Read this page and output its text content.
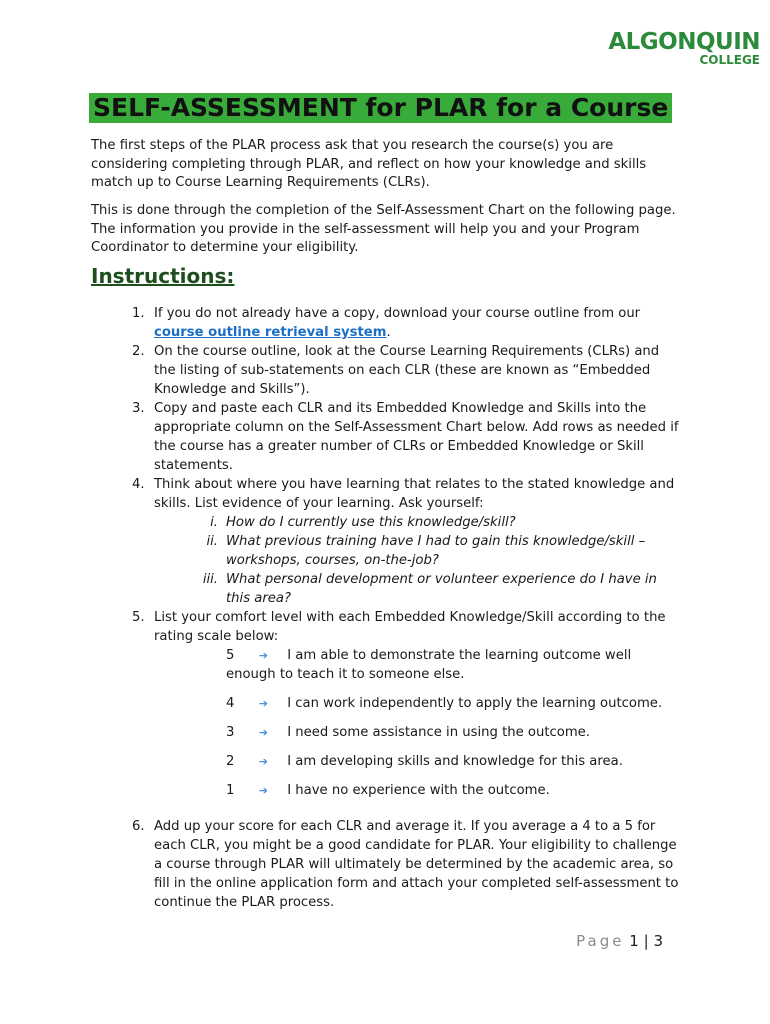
ALGONQUIN
COLLEGE
SELF-ASSESSMENT for PLAR for a Course
The first steps of the PLAR process ask that you research the course(s) you are considering completing through PLAR, and reflect on how your knowledge and skills match up to Course Learning Requirements (CLRs).
This is done through the completion of the Self-Assessment Chart on the following page. The information you provide in the self-assessment will help you and your Program Coordinator to determine your eligibility.
Instructions:
1. If you do not already have a copy, download your course outline from our course outline retrieval system.
2. On the course outline, look at the Course Learning Requirements (CLRs) and the listing of sub-statements on each CLR (these are known as “Embedded Knowledge and Skills”).
3. Copy and paste each CLR and its Embedded Knowledge and Skills into the appropriate column on the Self-Assessment Chart below. Add rows as needed if the course has a greater number of CLRs or Embedded Knowledge or Skill statements.
4. Think about where you have learning that relates to the stated knowledge and skills. List evidence of your learning. Ask yourself:
i. How do I currently use this knowledge/skill?
ii. What previous training have I had to gain this knowledge/skill – workshops, courses, on-the-job?
iii. What personal development or volunteer experience do I have in this area?
5. List your comfort level with each Embedded Knowledge/Skill according to the rating scale below:
5 ➔ I am able to demonstrate the learning outcome well enough to teach it to someone else.
4 ➔ I can work independently to apply the learning outcome.
3 ➔ I need some assistance in using the outcome.
2 ➔ I am developing skills and knowledge for this area.
1 ➔ I have no experience with the outcome.
6. Add up your score for each CLR and average it. If you average a 4 to a 5 for each CLR, you might be a good candidate for PLAR. Your eligibility to challenge a course through PLAR will ultimately be determined by the academic area, so fill in the online application form and attach your completed self-assessment to continue the PLAR process.
Page 1 | 3
